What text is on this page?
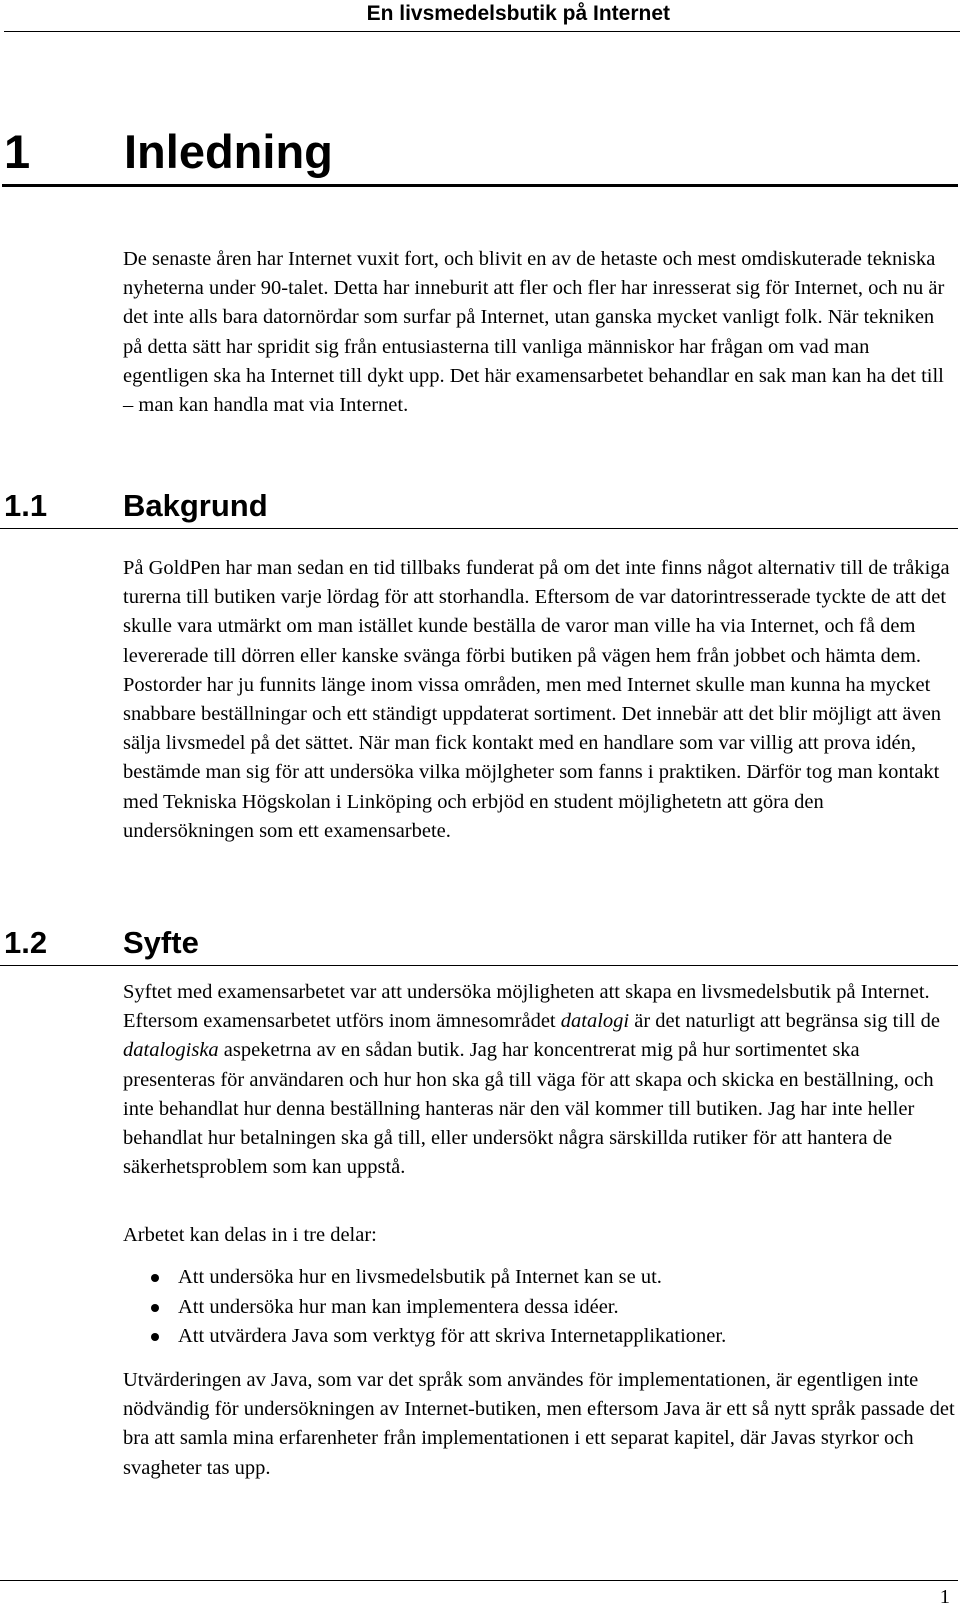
En livsmedelsbutik på Internet
1 Inledning

De senaste åren har Internet vuxit fort, och blivit en av de hetaste och mest omdiskuterade tekniska nyheterna under 90-talet. Detta har inneburit att fler och fler har inresserat sig för Internet, och nu är det inte alls bara datornördar som surfar på Internet, utan ganska mycket vanligt folk. När tekniken på detta sätt har spridit sig från entusiasterna till vanliga människor har frågan om vad man egentligen ska ha Internet till dykt upp. Det här examensarbetet behandlar en sak man kan ha det till – man kan handla mat via Internet.

1.1 Bakgrund

På GoldPen har man sedan en tid tillbaks funderat på om det inte finns något alternativ till de tråkiga turerna till butiken varje lördag för att storhandla. Eftersom de var datorintresserade tyckte de att det skulle vara utmärkt om man istället kunde beställa de varor man ville ha via Internet, och få dem levererade till dörren eller kanske svänga förbi butiken på vägen hem från jobbet och hämta dem. Postorder har ju funnits länge inom vissa områden, men med Internet skulle man kunna ha mycket snabbare beställningar och ett ständigt uppdaterat sortiment. Det innebär att det blir möjligt att även sälja livsmedel på det sättet. När man fick kontakt med en handlare som var villig att prova idén, bestämde man sig för att undersöka vilka möjlgheter som fanns i praktiken. Därför tog man kontakt med Tekniska Högskolan i Linköping och erbjöd en student möjlighetetn att göra den undersökningen som ett examensarbete.

1.2 Syfte

Syftet med examensarbetet var att undersöka möjligheten att skapa en livsmedelsbutik på Internet. Eftersom examensarbetet utförs inom ämnesområdet datalogi är det naturligt att begränsa sig till de datalogiska aspeketrna av en sådan butik. Jag har koncentrerat mig på hur sortimentet ska presenteras för användaren och hur hon ska gå till väga för att skapa och skicka en beställning, och inte behandlat hur denna beställning hanteras när den väl kommer till butiken. Jag har inte heller behandlat hur betalningen ska gå till, eller undersökt några särskillda rutiker för att hantera de säkerhetsproblem som kan uppstå.

Arbetet kan delas in i tre delar:

Att undersöka hur en livsmedelsbutik på Internet kan se ut.
Att undersöka hur man kan implementera dessa idéer.
Att utvärdera Java som verktyg för att skriva Internetapplikationer.

Utvärderingen av Java, som var det språk som användes för implementationen, är egentligen inte nödvändig för undersökningen av Internet-butiken, men eftersom Java är ett så nytt språk passade det bra att samla mina erfarenheter från implementationen i ett separat kapitel, där Javas styrkor och svagheter tas upp.

1
